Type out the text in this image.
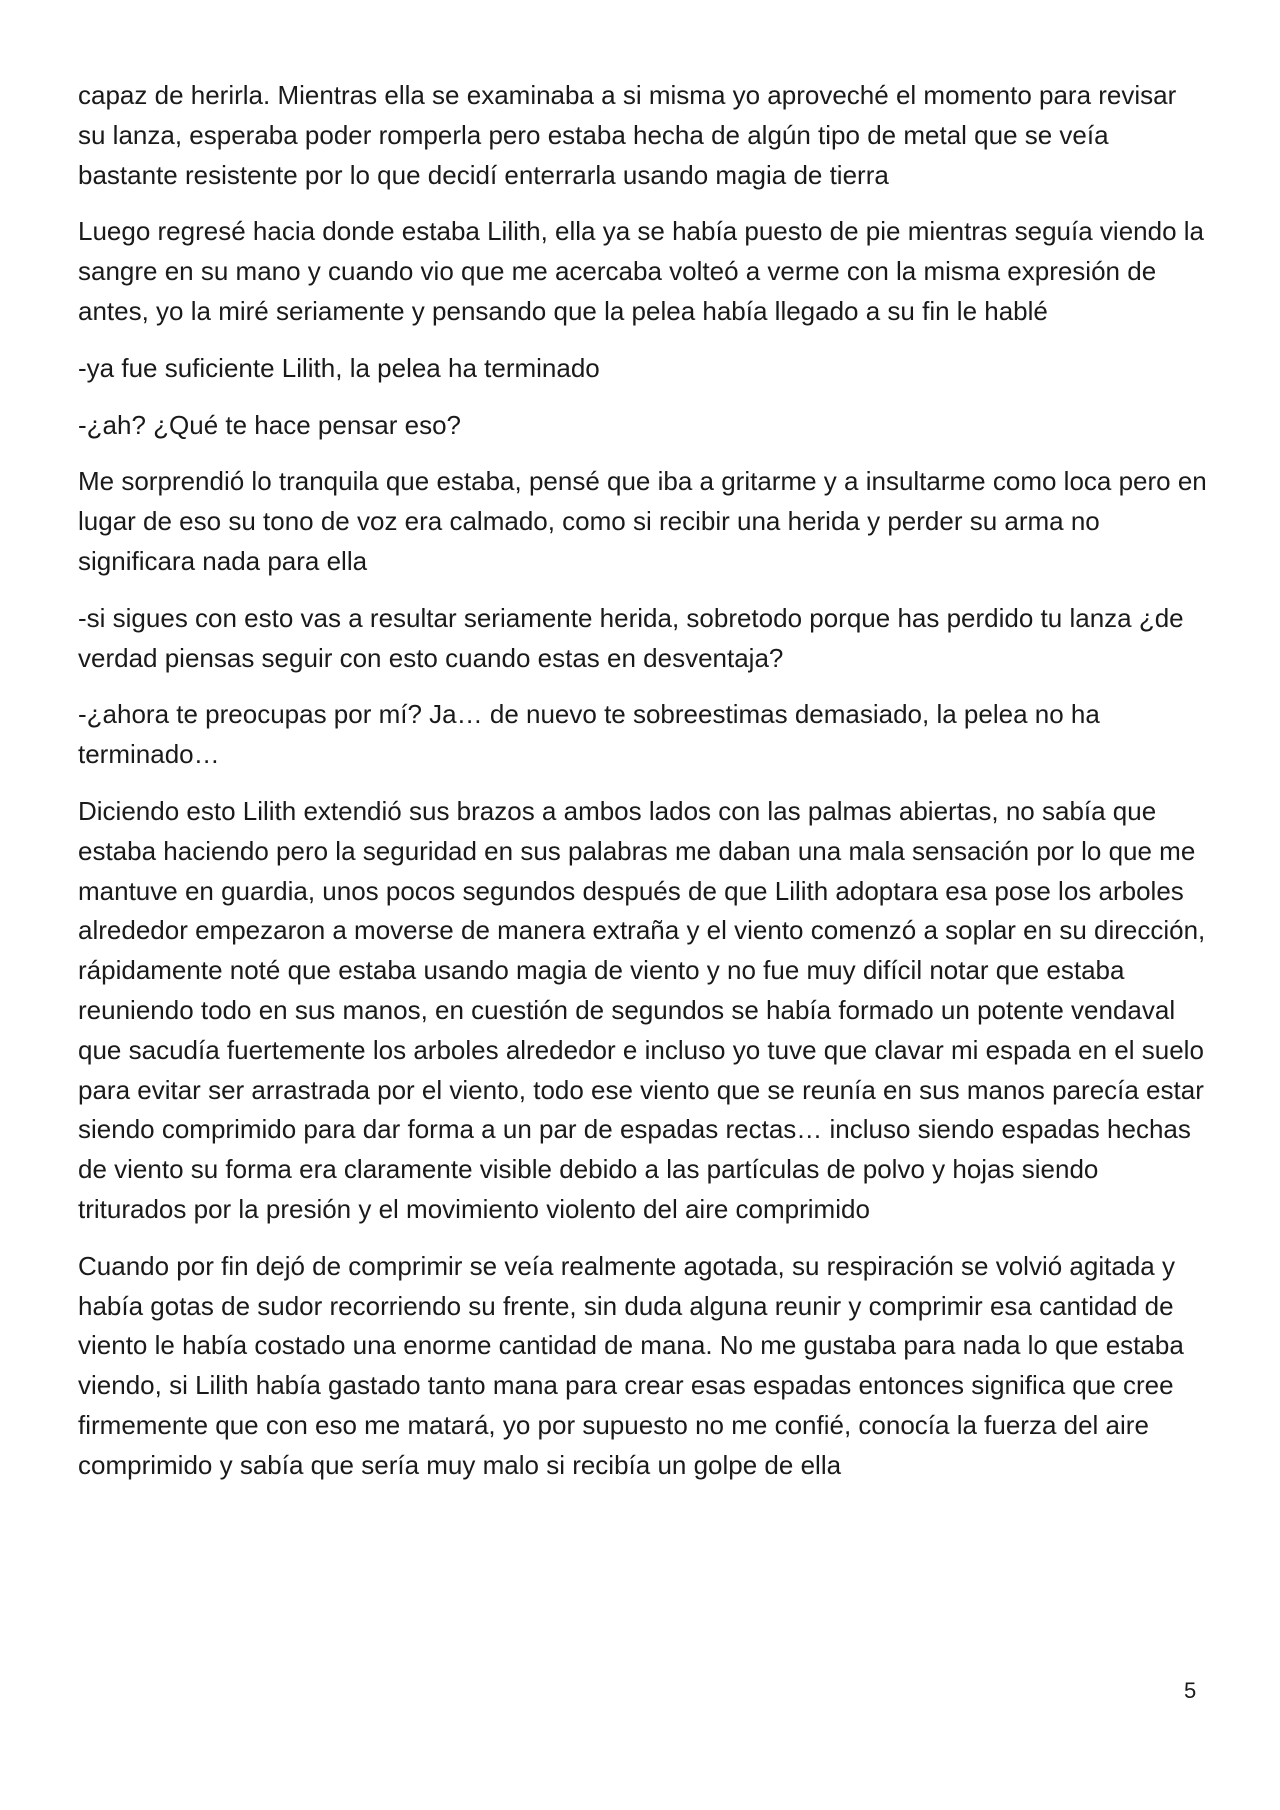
capaz de herirla. Mientras ella se examinaba a si misma yo aproveché el momento para revisar su lanza, esperaba poder romperla pero estaba hecha de algún tipo de metal que se veía bastante resistente por lo que decidí enterrarla usando magia de tierra

Luego regresé hacia donde estaba Lilith, ella ya se había puesto de pie mientras seguía viendo la sangre en su mano y cuando vio que me acercaba volteó a verme con la misma expresión de antes, yo la miré seriamente y pensando que la pelea había llegado a su fin le hablé

-ya fue suficiente Lilith, la pelea ha terminado

-¿ah? ¿Qué te hace pensar eso?

Me sorprendió lo tranquila que estaba, pensé que iba a gritarme y a insultarme como loca pero en lugar de eso su tono de voz era calmado, como si recibir una herida y perder su arma no significara nada para ella

-si sigues con esto vas a resultar seriamente herida, sobretodo porque has perdido tu lanza ¿de verdad piensas seguir con esto cuando estas en desventaja?

-¿ahora te preocupas por mí? Ja… de nuevo te sobreestimas demasiado, la pelea no ha terminado…

Diciendo esto Lilith extendió sus brazos a ambos lados con las palmas abiertas, no sabía que estaba haciendo pero la seguridad en sus palabras me daban una mala sensación por lo que me mantuve en guardia, unos pocos segundos después de que Lilith adoptara esa pose los arboles alrededor empezaron a moverse de manera extraña y el viento comenzó a soplar en su dirección, rápidamente noté que estaba usando magia de viento y no fue muy difícil notar que estaba reuniendo todo en sus manos, en cuestión de segundos se había formado un potente vendaval que sacudía fuertemente los arboles alrededor e incluso yo tuve que clavar mi espada en el suelo para evitar ser arrastrada por el viento, todo ese viento que se reunía en sus manos parecía estar siendo comprimido para dar forma a un par de espadas rectas… incluso siendo espadas hechas de viento su forma era claramente visible debido a las partículas de polvo y hojas siendo triturados por la presión y el movimiento violento del aire comprimido

Cuando por fin dejó de comprimir se veía realmente agotada, su respiración se volvió agitada y había gotas de sudor recorriendo su frente, sin duda alguna reunir y comprimir esa cantidad de viento le había costado una enorme cantidad de mana. No me gustaba para nada lo que estaba viendo, si Lilith había gastado tanto mana para crear esas espadas entonces significa que cree firmemente que con eso me matará, yo por supuesto no me confié, conocía la fuerza del aire comprimido y sabía que sería muy malo si recibía un golpe de ella

5
